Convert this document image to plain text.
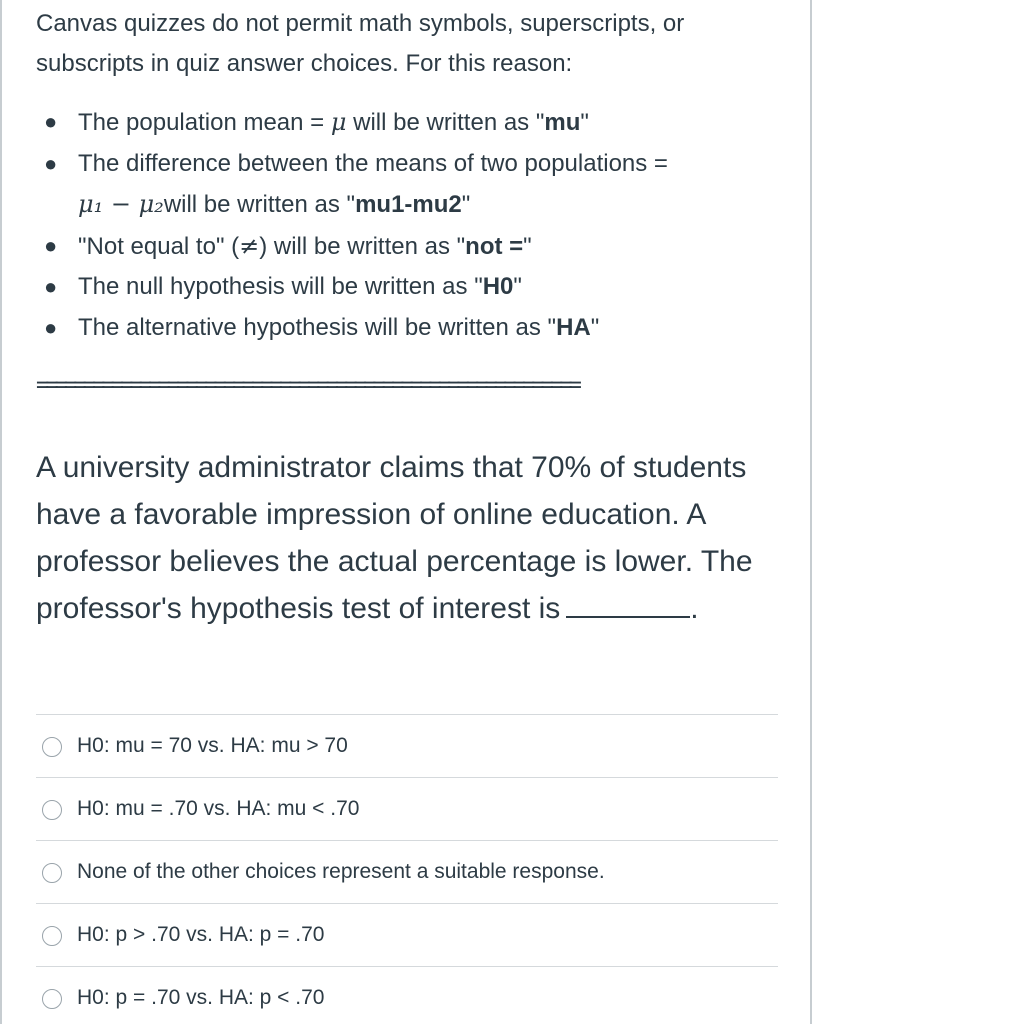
Canvas quizzes do not permit math symbols, superscripts, or subscripts in quiz answer choices. For this reason:

● The population mean = μ will be written as "mu"
● The difference between the means of two populations =
μ₁ − μ₂will be written as "mu1-mu2"
● "Not equal to" (≠) will be written as "not ="
● The null hypothesis will be written as "H0"
● The alternative hypothesis will be written as "HA"
==========================================================
A university administrator claims that 70% of students have a favorable impression of online education. A professor believes the actual percentage is lower. The professor's hypothesis test of interest is	.
H0: mu = 70 vs. HA: mu > 70
H0: mu = .70 vs. HA: mu < .70
None of the other choices represent a suitable response.
H0: p > .70 vs. HA: p = .70
H0: p = .70 vs. HA: p < .70
